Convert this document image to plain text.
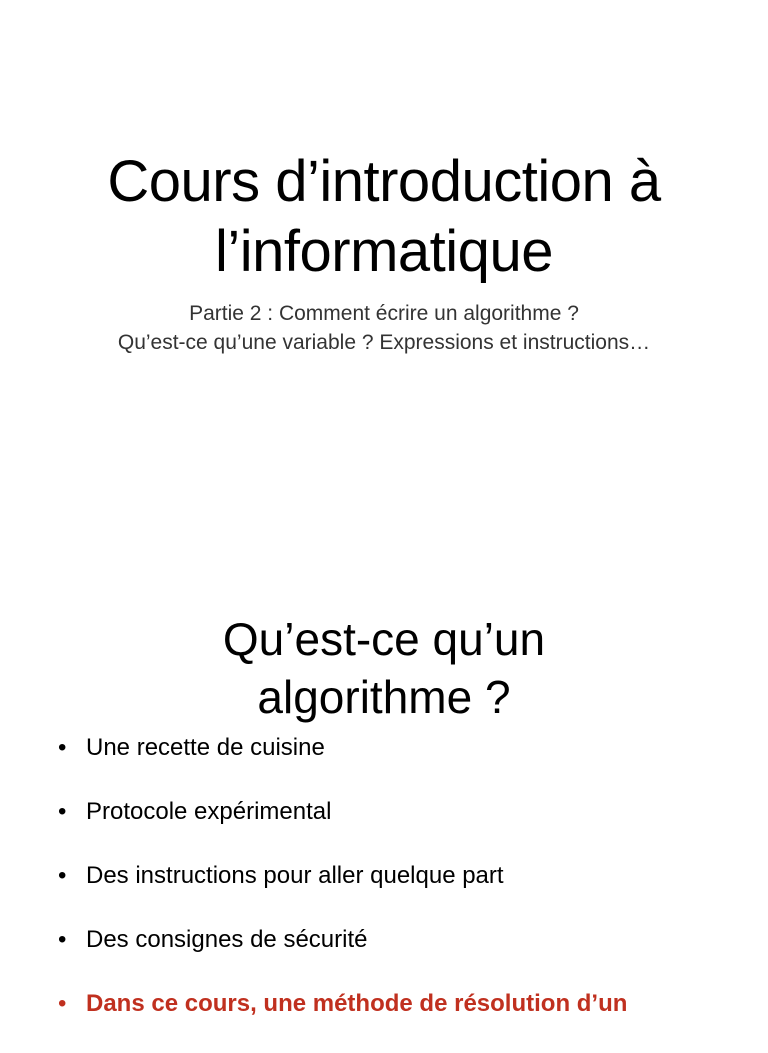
Cours d’introduction à
l’informatique

Partie 2 : Comment écrire un algorithme ?
Qu’est-ce qu’une variable ? Expressions et instructions…

Qu’est-ce qu’un
algorithme ?
• Une recette de cuisine
• Protocole expérimental
• Des instructions pour aller quelque part
• Des consignes de sécurité
• Dans ce cours, une méthode de résolution d’un
